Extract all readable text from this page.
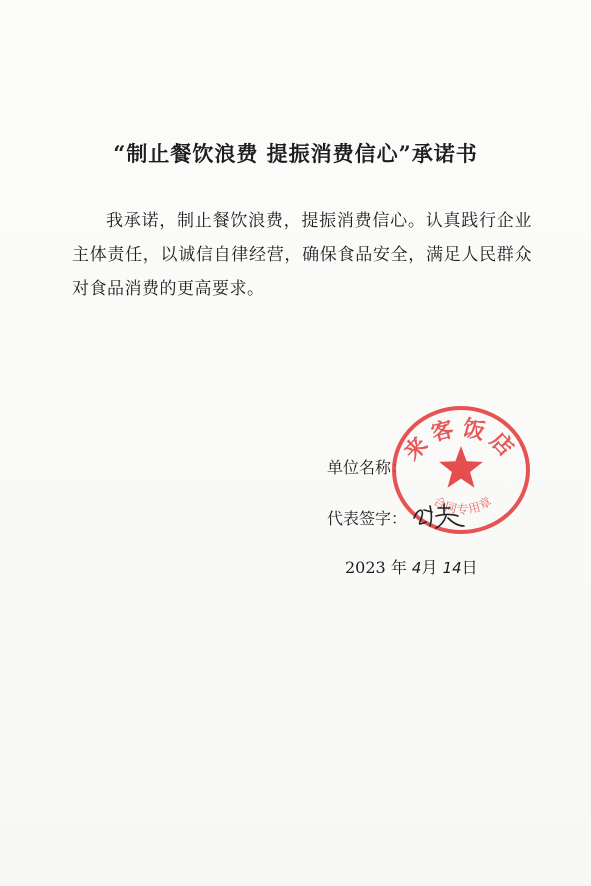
“制止餐饮浪费 提振消费信心”承诺书
我承诺，制止餐饮浪费，提振消费信心。认真践行企业主体责任，以诚信自律经营，确保食品安全，满足人民群众对食品消费的更高要求。
单位名称：
代表签字：
2023 年 4月 14日
来客饭店
合同专用章
